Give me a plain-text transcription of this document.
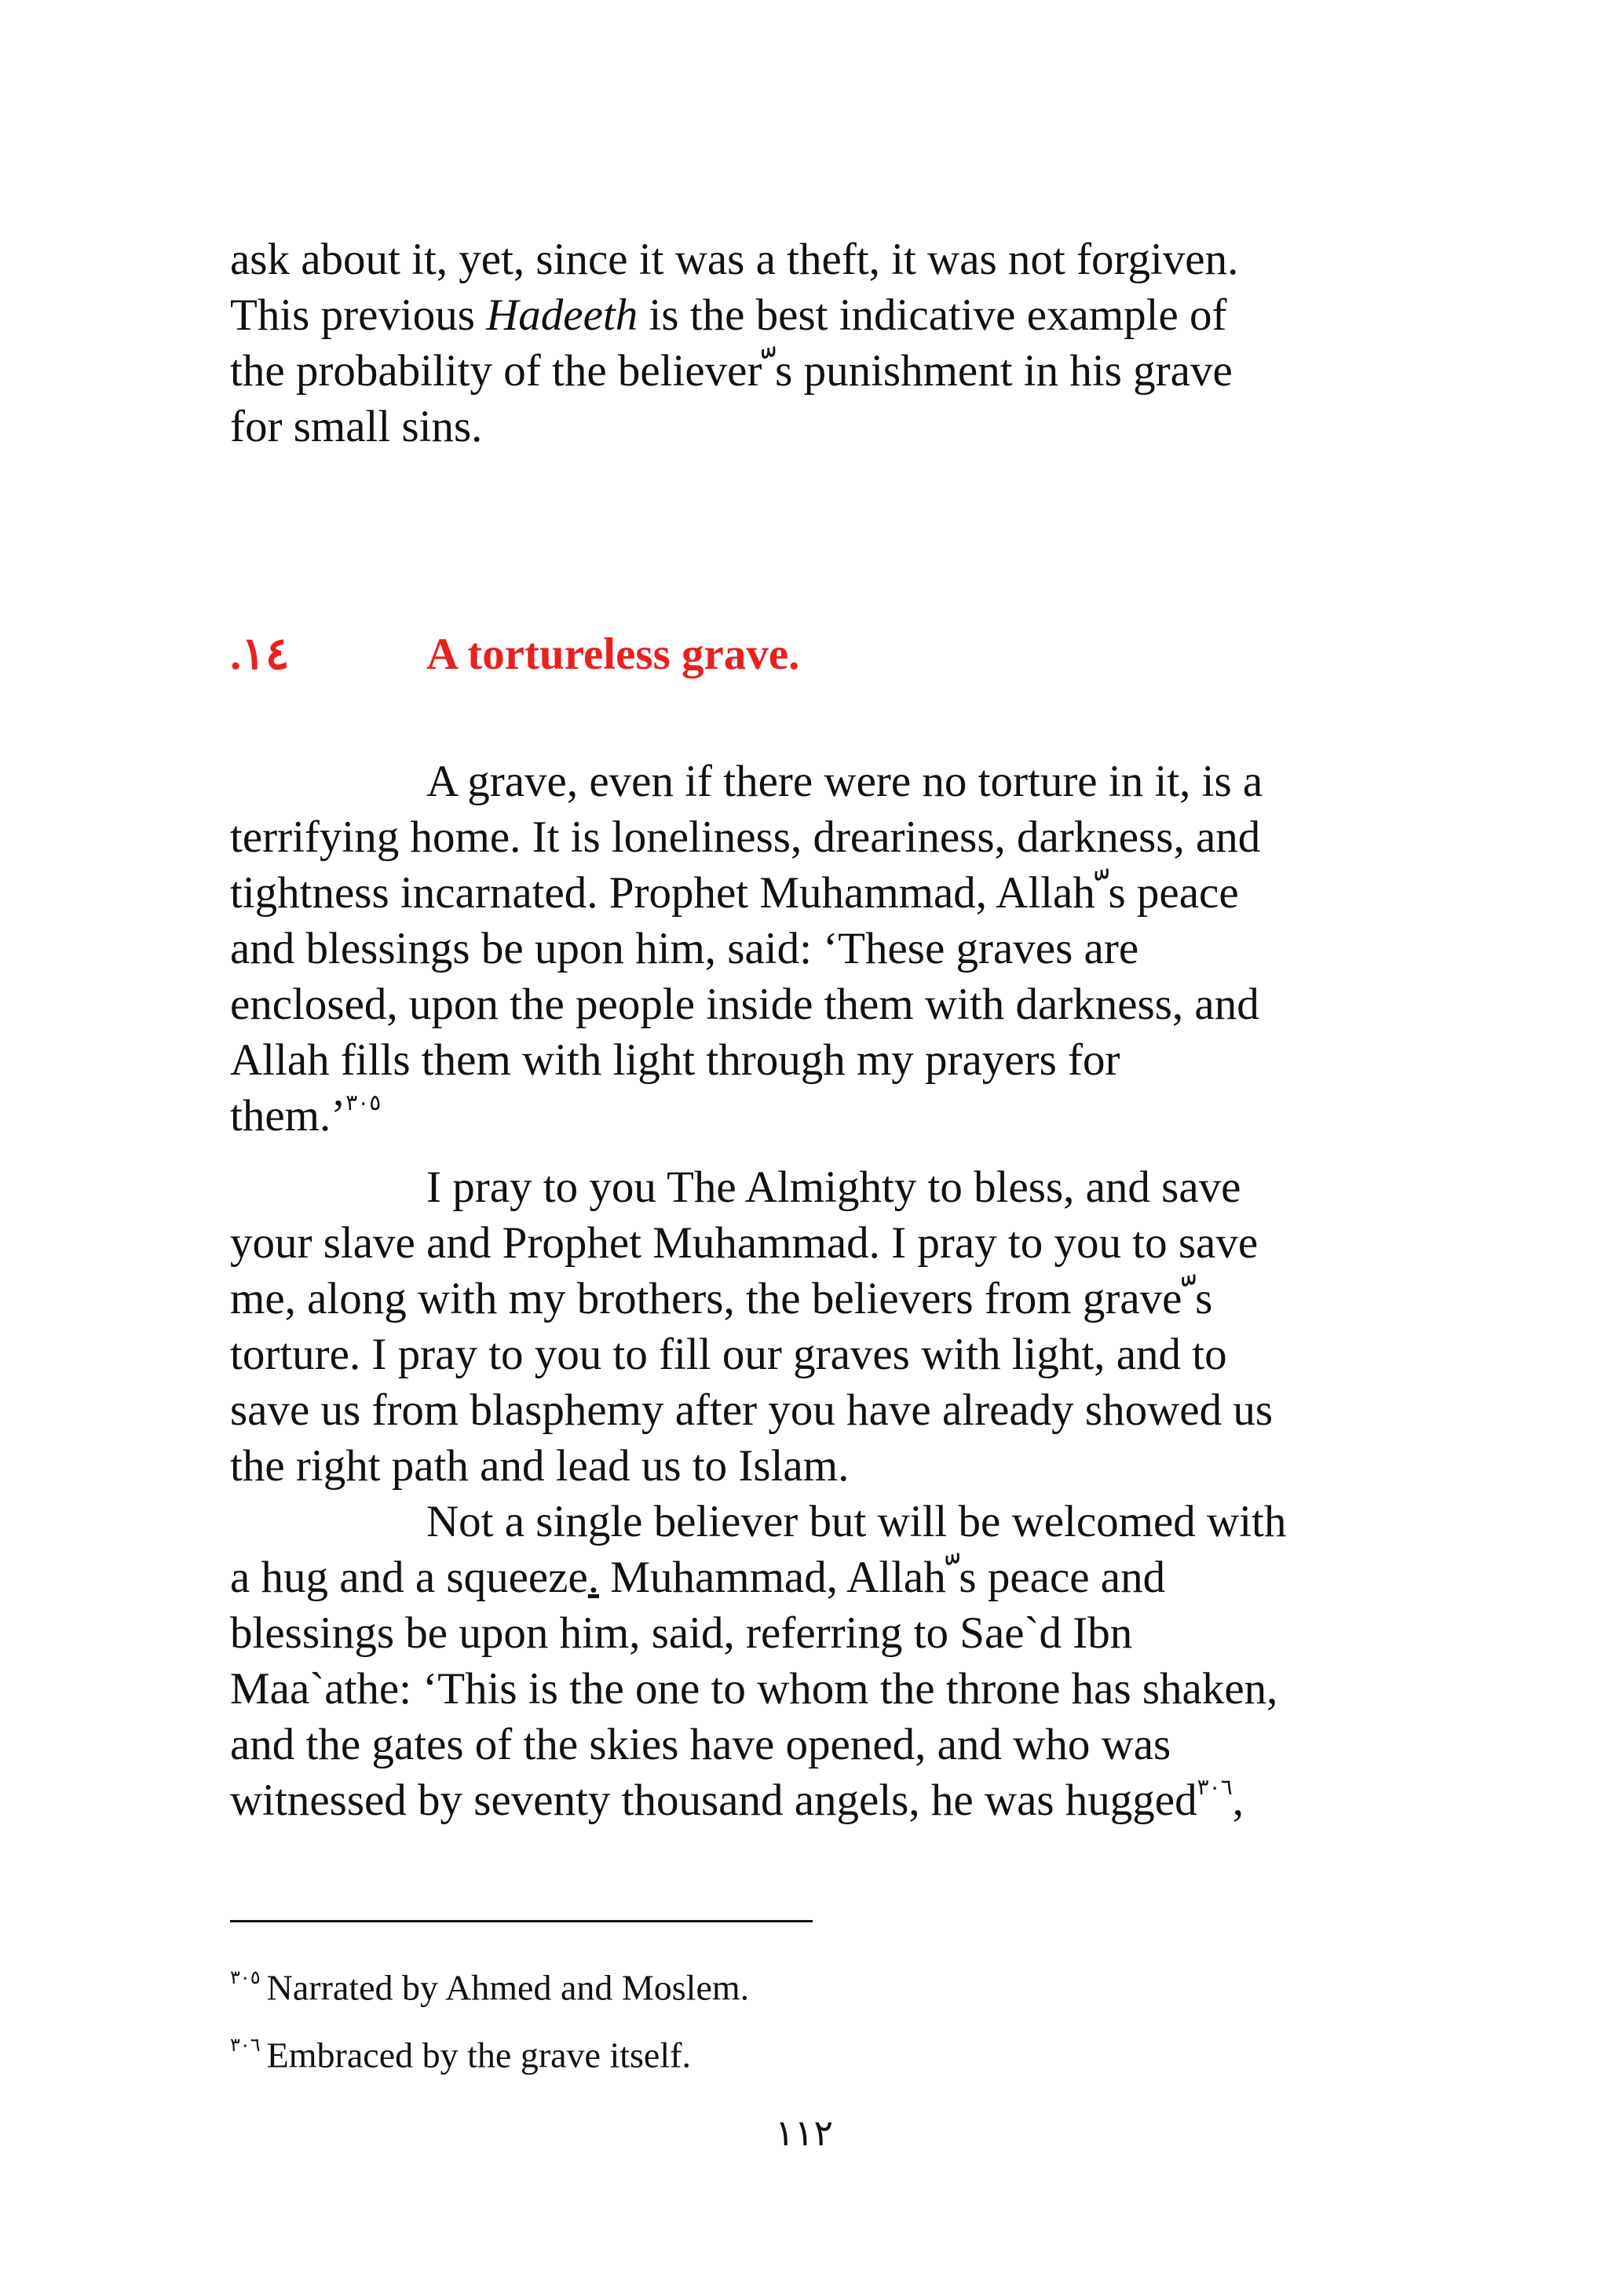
ask about it, yet, since it was a theft, it was not forgiven.
This previous Hadeeth is the best indicative example of
the probability of the believer ّs punishment in his grave
for small sins.
٤١.	A tortureless grave.
A grave, even if there were no torture in it, is a
terrifying home. It is loneliness, dreariness, darkness, and
tightness incarnated. Prophet Muhammad, Allah ّs peace
and blessings be upon him, said: ‘These graves are
enclosed, upon the people inside them with darkness, and
Allah fills them with light through my prayers for
them.’$^{٣٠٥}$
I pray to you The Almighty to bless, and save
your slave and Prophet Muhammad. I pray to you to save
me, along with my brothers, the believers from grave ّs
torture. I pray to you to fill our graves with light, and to
save us from blasphemy after you have already showed us
the right path and lead us to Islam.
Not a single believer but will be welcomed with
a hug and a squeeze. Muhammad, Allah ّs peace and
blessings be upon him, said, referring to Sae`d Ibn
Maa`athe: ‘This is the one to whom the throne has shaken,
and the gates of the skies have opened, and who was
witnessed by seventy thousand angels, he was hugged$^{٣٠٦}$,
$^{٣٠٥}$ Narrated by Ahmed and Moslem.
$^{٣٠٦}$ Embraced by the grave itself.
١١٢
